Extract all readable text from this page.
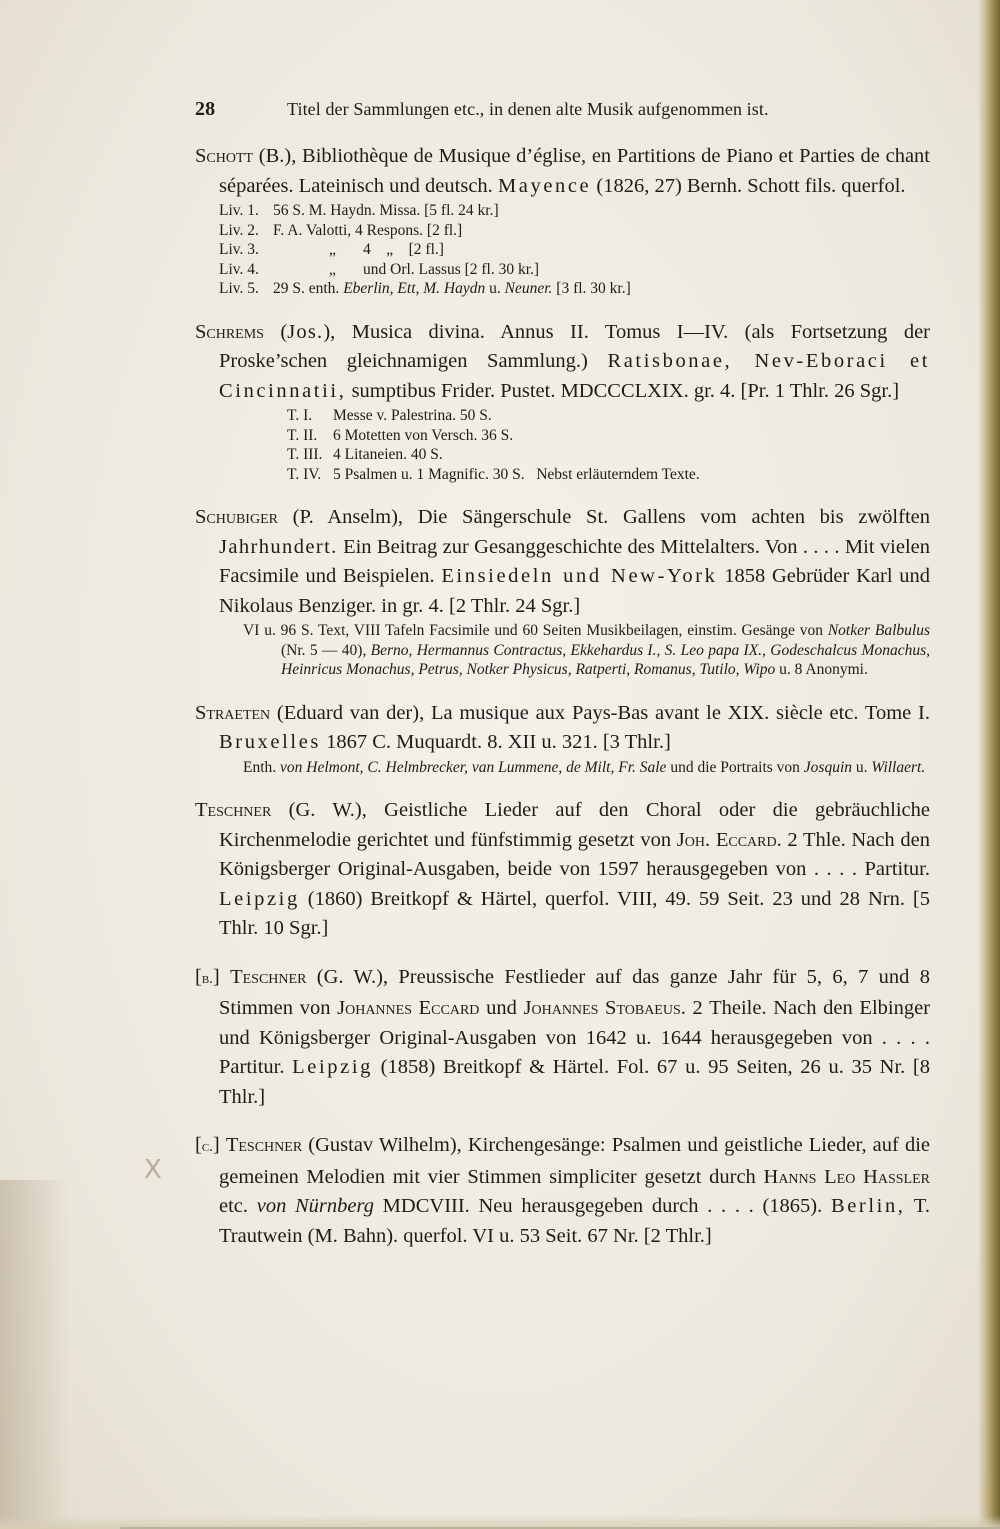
X
28	Titel der Sammlungen etc., in denen alte Musik aufgenommen ist.
Schott (B.), Bibliothèque de Musique d’église, en Partitions de Piano et Parties de chant séparées. Lateinisch und deutsch. Mayence (1826, 27) Bernh. Schott fils. querfol.
Liv. 1. 56 S. M. Haydn. Missa. [5 fl. 24 kr.]
Liv. 2. F. A. Valotti, 4 Respons. [2 fl.]
Liv. 3.	„       4    „    [2 fl.]
Liv. 4.	„       und Orl. Lassus [2 fl. 30 kr.]
Liv. 5. 29 S. enth. Eberlin, Ett, M. Haydn u. Neuner. [3 fl. 30 kr.]
Schrems (Jos.), Musica divina. Annus II. Tomus I—IV. (als Fortsetzung der Proske’schen gleichnamigen Sammlung.) Ratisbonae, Nev-Eboraci et Cincinnatii, sumptibus Frider. Pustet. MDCCCLXIX. gr. 4. [Pr. 1 Thlr. 26 Sgr.]
T. I. Messe v. Palestrina. 50 S.
T. II. 6 Motetten von Versch. 36 S.
T. III. 4 Litaneien. 40 S.
T. IV. 5 Psalmen u. 1 Magnific. 30 S.   Nebst erläuterndem Texte.
Schubiger (P. Anselm), Die Sängerschule St. Gallens vom achten bis zwölften Jahrhundert. Ein Beitrag zur Gesanggeschichte des Mittelalters. Von . . . . Mit vielen Facsimile und Beispielen. Einsiedeln und New-York 1858 Gebrüder Karl und Nikolaus Benziger. in gr. 4. [2 Thlr. 24 Sgr.]
VI u. 96 S. Text, VIII Tafeln Facsimile und 60 Seiten Musikbeilagen, einstim. Gesänge von Notker Balbulus (Nr. 5 — 40), Berno, Hermannus Contractus, Ekkehardus I., S. Leo papa IX., Godeschalcus Monachus, Heinricus Monachus, Petrus, Notker Physicus, Ratperti, Romanus, Tutilo, Wipo u. 8 Anonymi.
Straeten (Eduard van der), La musique aux Pays-Bas avant le XIX. siècle etc. Tome I. Bruxelles 1867 C. Muquardt. 8. XII u. 321. [3 Thlr.]
Enth. von Helmont, C. Helmbrecker, van Lummene, de Milt, Fr. Sale und die Portraits von Josquin u. Willaert.
Teschner (G. W.), Geistliche Lieder auf den Choral oder die gebräuchliche Kirchenmelodie gerichtet und fünfstimmig gesetzt von Joh. Eccard. 2 Thle. Nach den Königsberger Original-Ausgaben, beide von 1597 herausgegeben von . . . . Partitur. Leipzig (1860) Breitkopf & Härtel, querfol. VIII, 49. 59 Seit. 23 und 28 Nrn. [5 Thlr. 10 Sgr.]
[b.] Teschner (G. W.), Preussische Festlieder auf das ganze Jahr für 5, 6, 7 und 8 Stimmen von Johannes Eccard und Johannes Stobaeus. 2 Theile. Nach den Elbinger und Königsberger Original-Ausgaben von 1642 u. 1644 herausgegeben von . . . . Partitur. Leipzig (1858) Breitkopf & Härtel. Fol. 67 u. 95 Seiten, 26 u. 35 Nr. [8 Thlr.]
[c.] Teschner (Gustav Wilhelm), Kirchengesänge: Psalmen und geistliche Lieder, auf die gemeinen Melodien mit vier Stimmen simpliciter gesetzt durch Hanns Leo Hassler etc. von Nürnberg MDCVIII. Neu herausgegeben durch . . . . (1865). Berlin, T. Trautwein (M. Bahn). querfol. VI u. 53 Seit. 67 Nr. [2 Thlr.]
